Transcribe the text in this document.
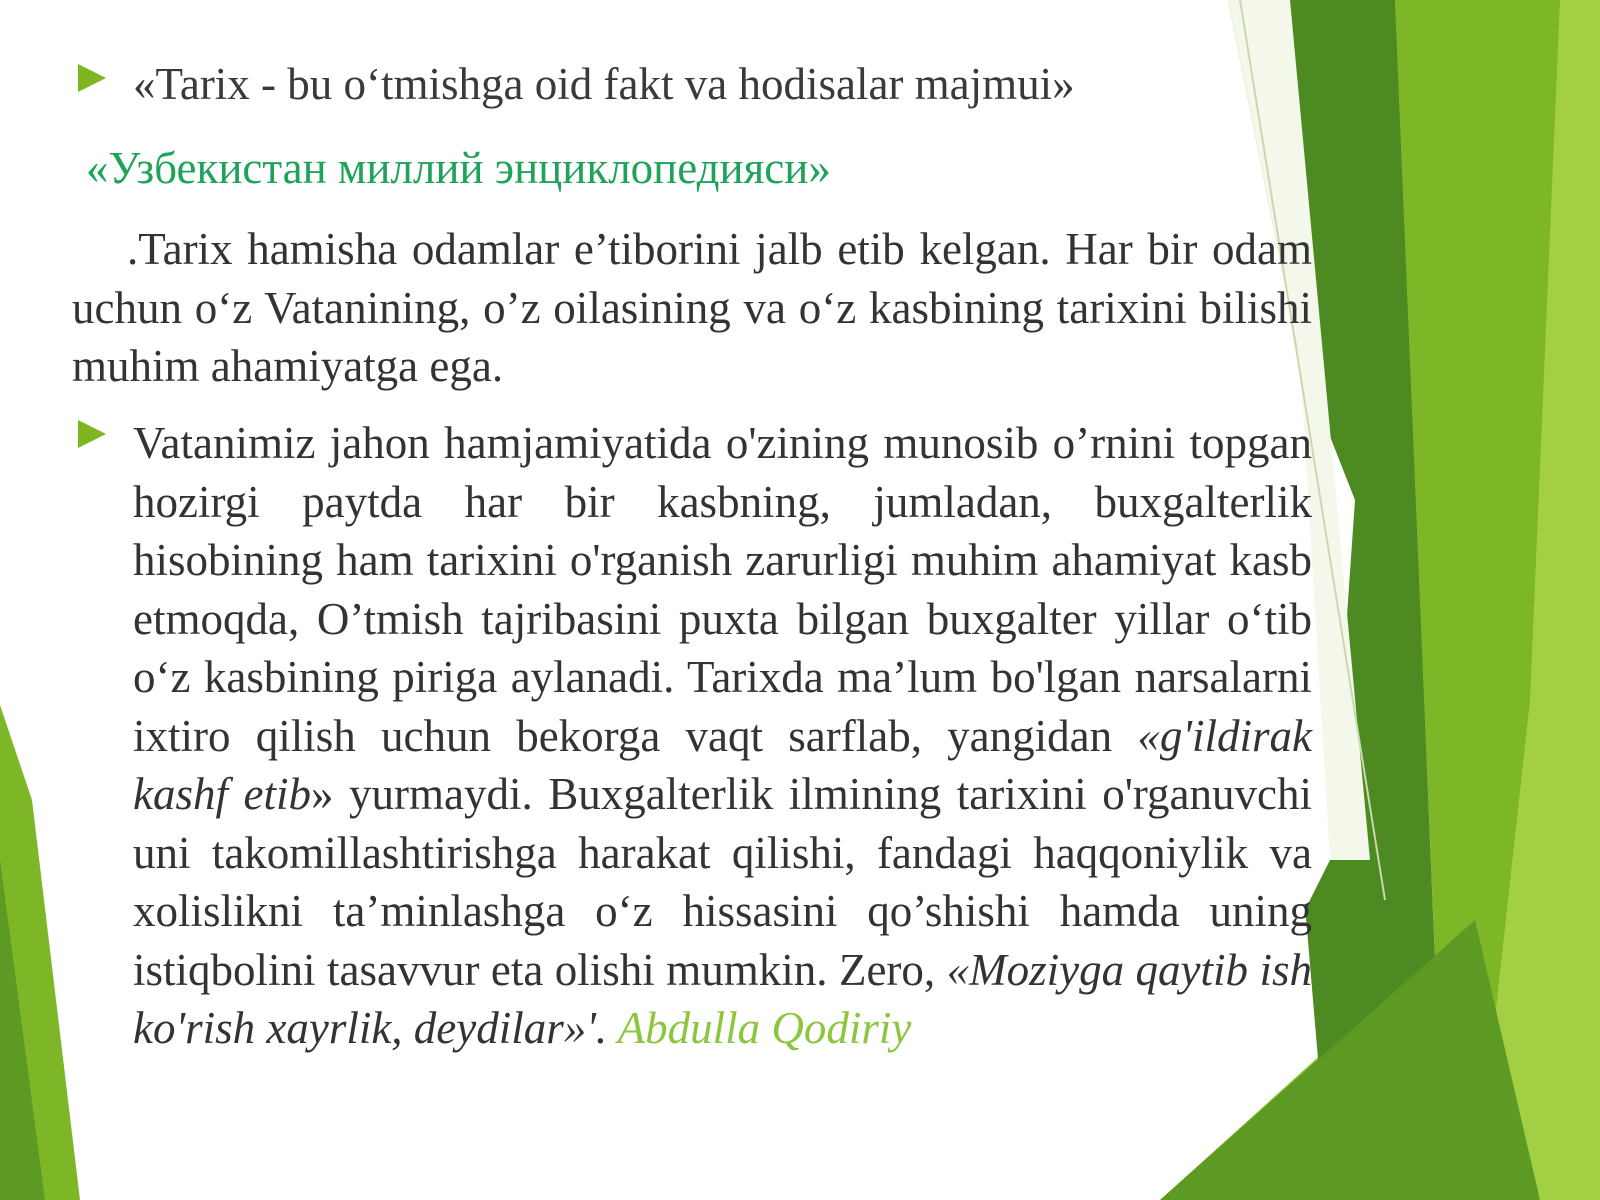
«Tarix - bu o‘tmishga oid fakt va hodisalar majmui»
«Узбекистан миллий энциклопедияси»

.Tarix hamisha odamlar e’tiborini jalb etib kelgan. Har bir odam uchun o‘z Vatanining, o’z oilasining va o‘z kasbining tarixini bilishi muhim ahamiyatga ega.

Vatanimiz jahon hamjamiyatida o'zining munosib o’rnini topgan hozirgi paytda har bir kasbning, jumladan, buxgalterlik hisobining ham tarixini o'rganish zarurligi muhim ahamiyat kasb etmoqda, O’tmish tajribasini puxta bilgan buxgalter yillar o‘tib o‘z kasbining piriga aylanadi. Tarixda ma’lum bo'lgan narsalarni ixtiro qilish uchun bekorga vaqt sarflab, yangidan «g'ildirak kashf etib» yurmaydi. Buxgalterlik ilmining tarixini o'rganuvchi uni takomillashtirishga harakat qilishi, fandagi haqqoniylik va xolislikni ta’minlashga o‘z hissasini qo’shishi hamda uning istiqbolini tasavvur eta olishi mumkin. Zero, «Moziyga qaytib ish ko'rish xayrlik, deydilar»'. Abdulla Qodiriy
